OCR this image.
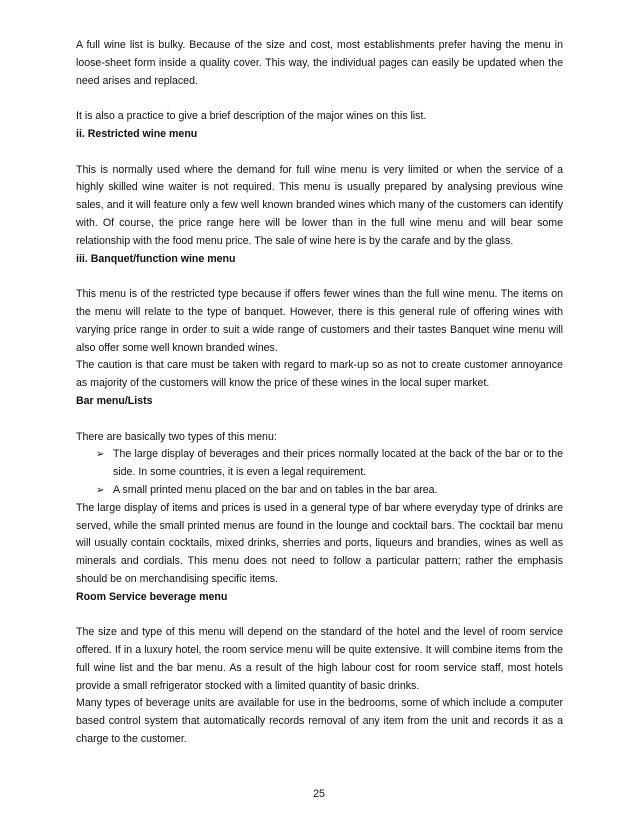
A full wine list is bulky. Because of the size and cost, most establishments prefer having the menu in loose-sheet form inside a quality cover. This way, the individual pages can easily be updated when the need arises and replaced.

It is also a practice to give a brief description of the major wines on this list.

ii. Restricted wine menu

This is normally used where the demand for full wine menu is very limited or when the service of a highly skilled wine waiter is not required. This menu is usually prepared by analysing previous wine sales, and it will feature only a few well known branded wines which many of the customers can identify with. Of course, the price range here will be lower than in the full wine menu and will bear some relationship with the food menu price. The sale of wine here is by the carafe and by the glass.

iii. Banquet/function wine menu

This menu is of the restricted type because if offers fewer wines than the full wine menu. The items on the menu will relate to the type of banquet. However, there is this general rule of offering wines with varying price range in order to suit a wide range of customers and their tastes Banquet wine menu will also offer some well known branded wines.

The caution is that care must be taken with regard to mark-up so as not to create customer annoyance as majority of the customers will know the price of these wines in the local super market.

Bar menu/Lists

There are basically two types of this menu:

➢ The large display of beverages and their prices normally located at the back of the bar or to the side. In some countries, it is even a legal requirement.
➢ A small printed menu placed on the bar and on tables in the bar area.

The large display of items and prices is used in a general type of bar where everyday type of drinks are served, while the small printed menus are found in the lounge and cocktail bars. The cocktail bar menu will usually contain cocktails, mixed drinks, sherries and ports, liqueurs and brandies, wines as well as minerals and cordials. This menu does not need to follow a particular pattern; rather the emphasis should be on merchandising specific items.

Room Service beverage menu

The size and type of this menu will depend on the standard of the hotel and the level of room service offered. If in a luxury hotel, the room service menu will be quite extensive. It will combine items from the full wine list and the bar menu. As a result of the high labour cost for room service staff, most hotels provide a small refrigerator stocked with a limited quantity of basic drinks.

Many types of beverage units are available for use in the bedrooms, some of which include a computer based control system that automatically records removal of any item from the unit and records it as a charge to the customer.

25
